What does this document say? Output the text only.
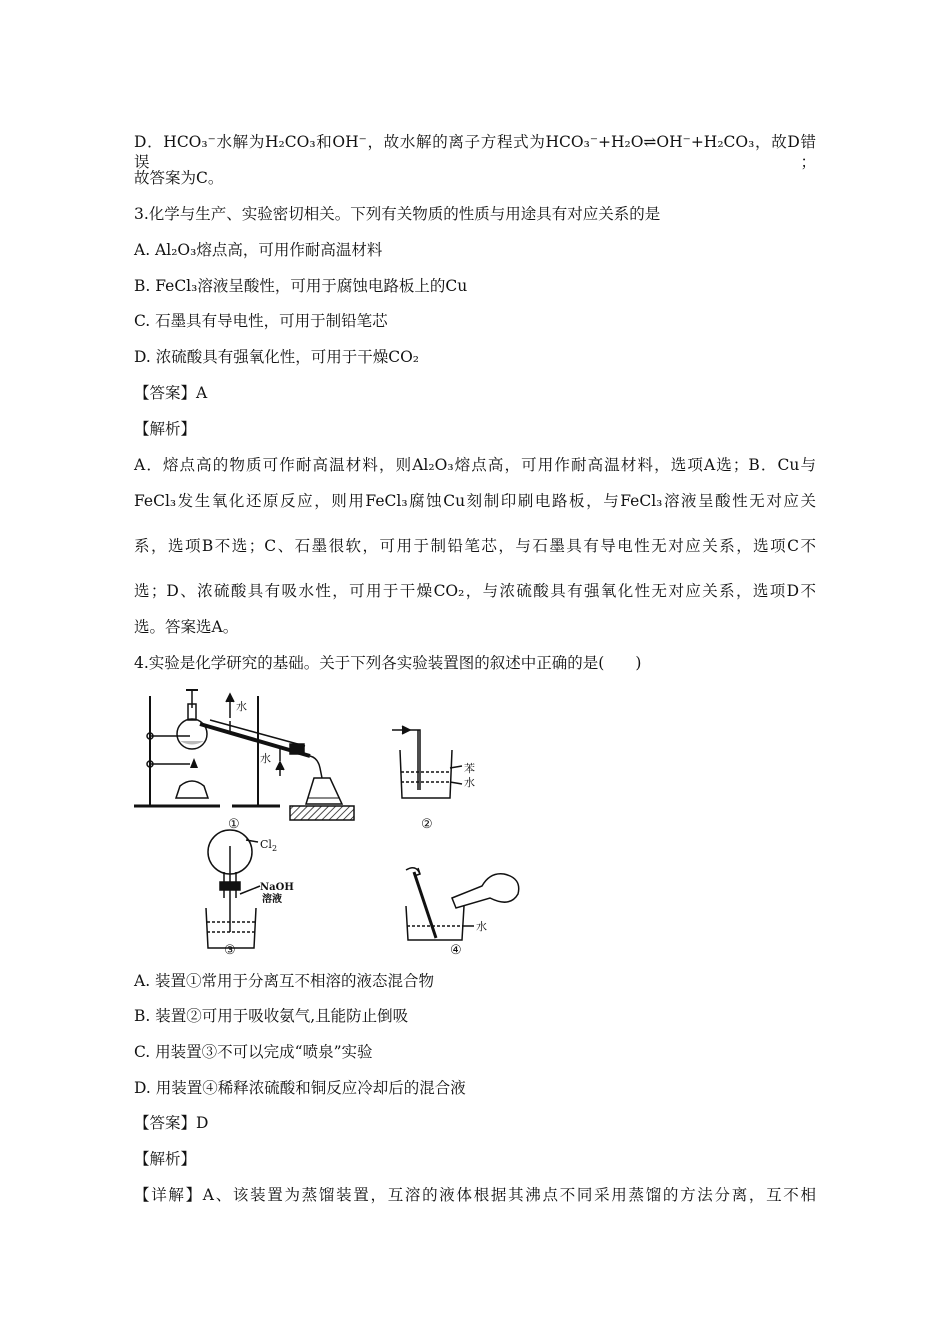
D．HCO₃⁻水解为H₂CO₃和OH⁻，故水解的离子方程式为HCO₃⁻+H₂O⇌OH⁻+H₂CO₃，故D错误；
故答案为C。
3.化学与生产、实验密切相关。下列有关物质的性质与用途具有对应关系的是
A. Al₂O₃熔点高，可用作耐高温材料
B. FeCl₃溶液呈酸性，可用于腐蚀电路板上的Cu
C. 石墨具有导电性，可用于制铅笔芯
D. 浓硫酸具有强氧化性，可用于干燥CO₂
【答案】A
【解析】
A．熔点高的物质可作耐高温材料，则Al₂O₃熔点高，可用作耐高温材料，选项A选；B．Cu与
FeCl₃发生氧化还原反应，则用FeCl₃腐蚀Cu刻制印刷电路板，与FeCl₃溶液呈酸性无对应关
系，选项B不选；C、石墨很软，可用于制铅笔芯，与石墨具有导电性无对应关系，选项C不
选；D、浓硫酸具有吸水性，可用于干燥CO₂，与浓硫酸具有强氧化性无对应关系，选项D不
选。答案选A。
4.实验是化学研究的基础。关于下列各实验装置图的叙述中正确的是(　　)
①
水
水
苯
水
②
$Cl_2$
NaOH
溶液
③
水
④
A. 装置①常用于分离互不相溶的液态混合物
B. 装置②可用于吸收氨气,且能防止倒吸
C. 用装置③不可以完成“喷泉”实验
D. 用装置④稀释浓硫酸和铜反应冷却后的混合液
【答案】D
【解析】
【详解】A、该装置为蒸馏装置，互溶的液体根据其沸点不同采用蒸馏的方法分离，互不相
